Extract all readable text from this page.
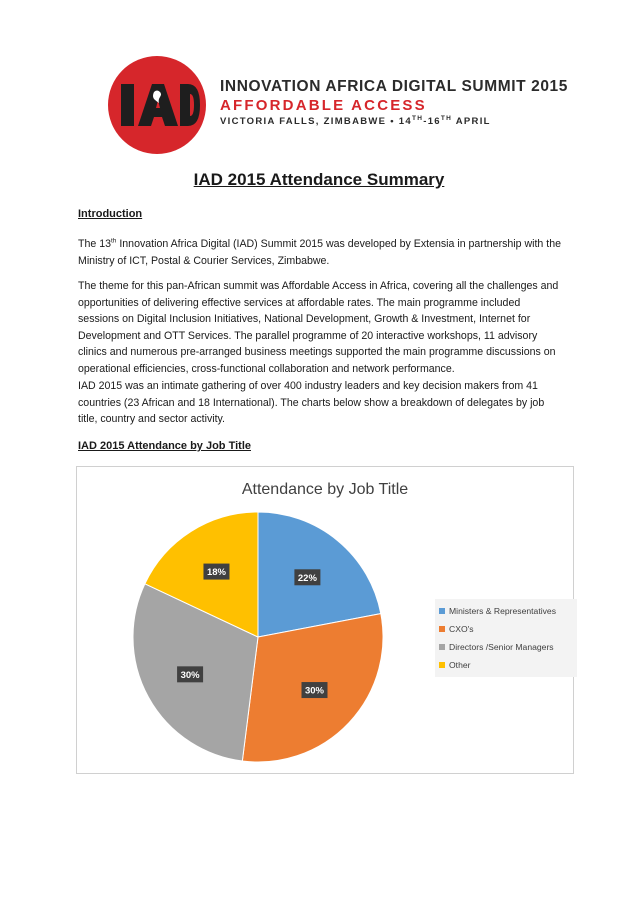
INNOVATION AFRICA DIGITAL SUMMIT 2015
AFFORDABLE ACCESS
VICTORIA FALLS, ZIMBABWE • 14TH-16TH APRIL
IAD 2015 Attendance Summary
Introduction

The 13th Innovation Africa Digital (IAD) Summit 2015 was developed by Extensia in partnership with the Ministry of ICT, Postal & Courier Services, Zimbabwe.

The theme for this pan-African summit was Affordable Access in Africa, covering all the challenges and opportunities of delivering effective services at affordable rates. The main programme included sessions on Digital Inclusion Initiatives, National Development, Growth & Investment, Internet for Development and OTT Services. The parallel programme of 20 interactive workshops, 11 advisory clinics and numerous pre-arranged business meetings supported the main programme discussions on operational efficiencies, cross-functional collaboration and network performance.

IAD 2015 was an intimate gathering of over 400 industry leaders and key decision makers from 41 countries (23 African and 18 International). The charts below show a breakdown of delegates by job title, country and sector activity.

IAD 2015 Attendance by Job Title
Attendance by Job Title
22%
30%
30%
18%
Ministers & Representatives
CXO's
Directors /Senior Managers
Other
